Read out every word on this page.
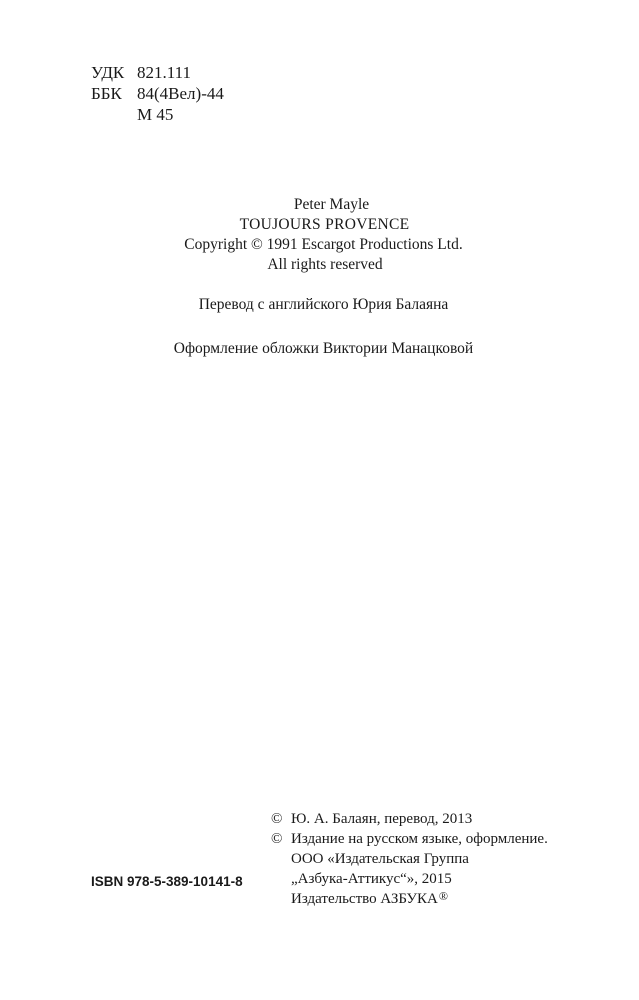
УДК 821.111
ББК 84(4Вел)-44
М 45
Peter Mayle
TOUJOURS PROVENCE
Copyright © 1991 Escargot Productions Ltd.
All rights reserved
Перевод с английского Юрия Балаяна
Оформление обложки Виктории Манацковой
ISBN 978-5-389-10141-8
© Ю. А. Балаян, перевод, 2013
© Издание на русском языке, оформление.
ООО «Издательская Группа
„Азбука-Аттикус“», 2015
Издательство АЗБУКА ®
